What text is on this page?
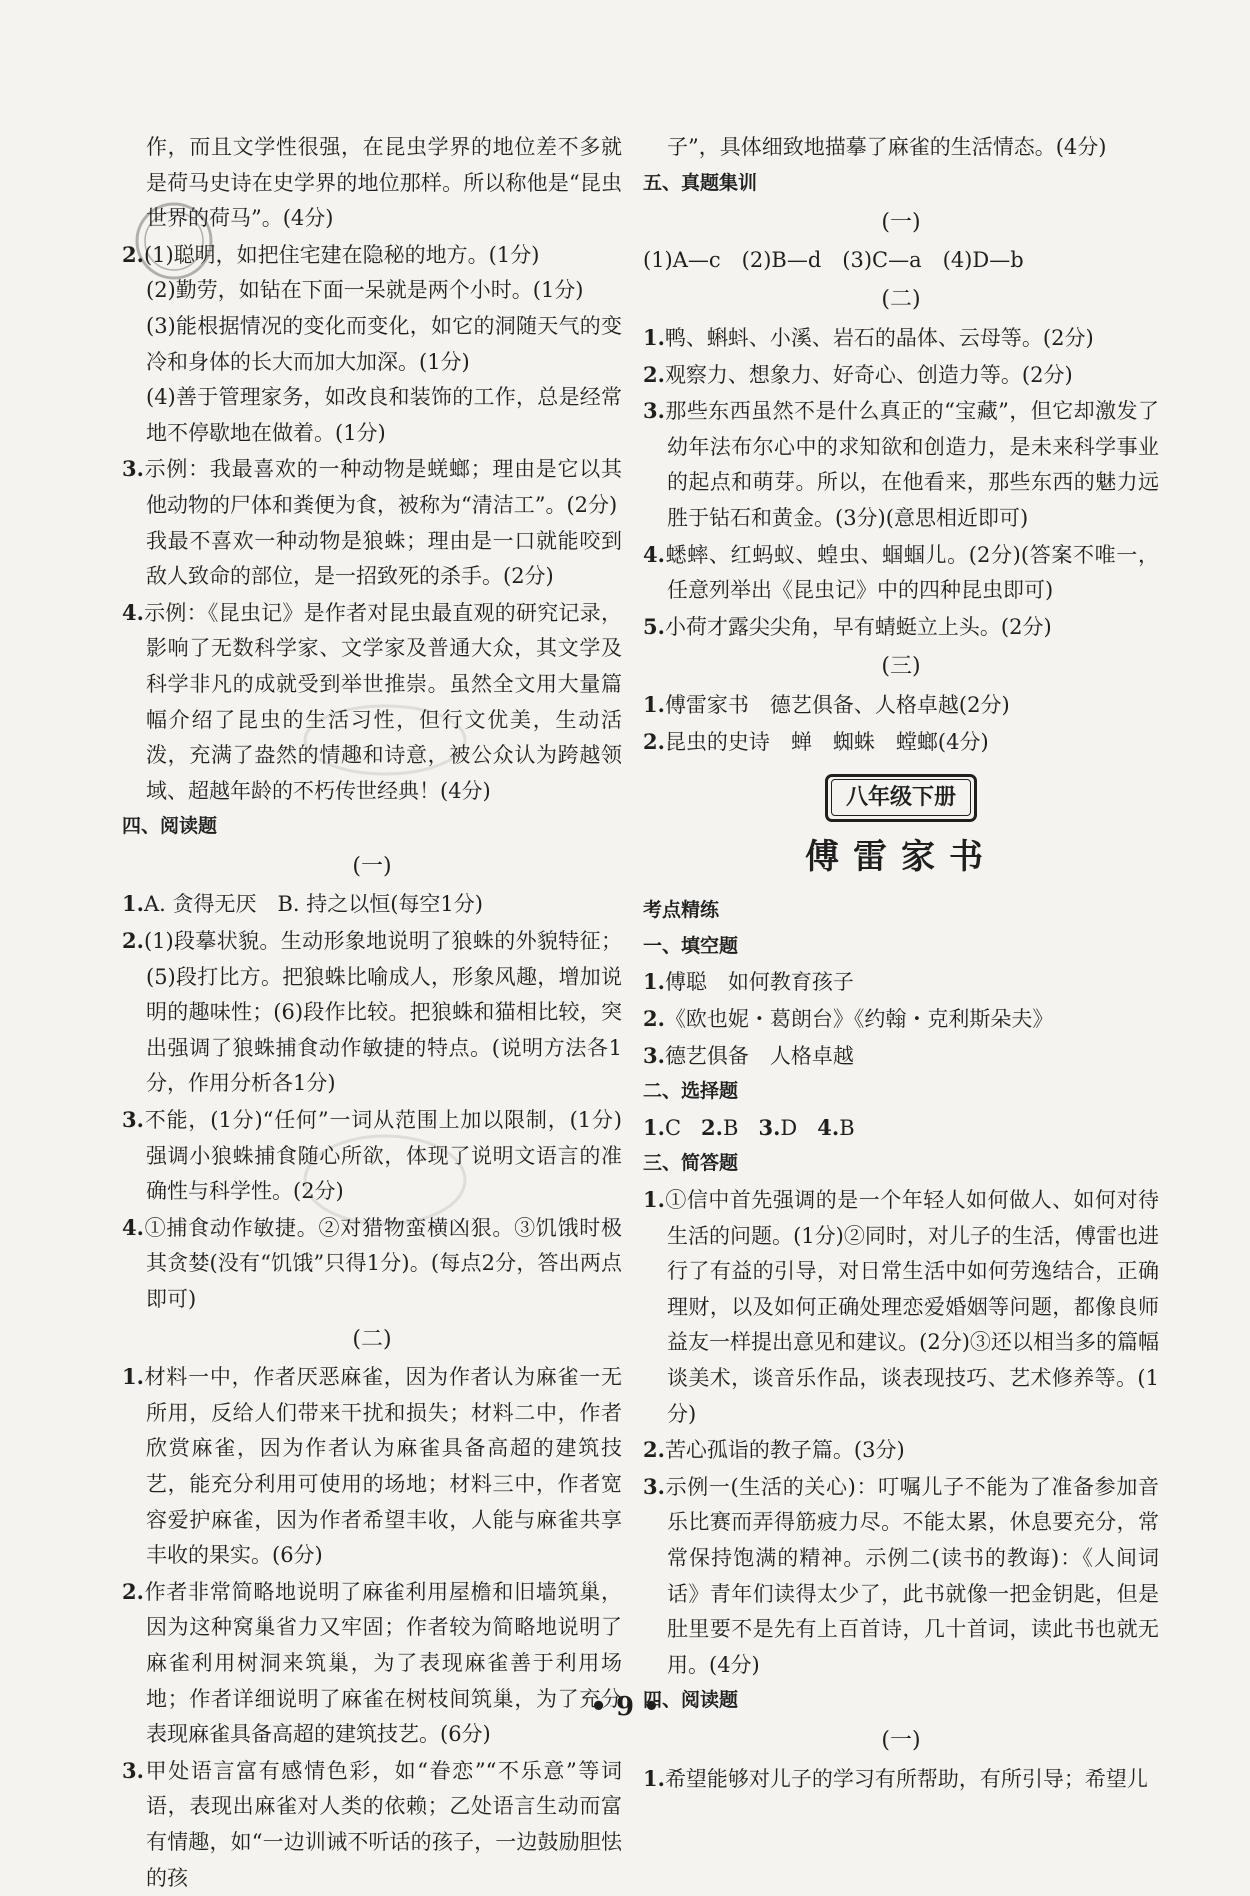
作，而且文学性很强，在昆虫学界的地位差不多就是荷马史诗在史学界的地位那样。所以称他是“昆虫世界的荷马”。(4分)

2.(1)聪明，如把住宅建在隐秘的地方。(1分)

(2)勤劳，如钻在下面一呆就是两个小时。(1分)

(3)能根据情况的变化而变化，如它的洞随天气的变冷和身体的长大而加大加深。(1分)

(4)善于管理家务，如改良和装饰的工作，总是经常地不停歇地在做着。(1分)

3.示例：我最喜欢的一种动物是蜣螂；理由是它以其他动物的尸体和粪便为食，被称为“清洁工”。(2分)

我最不喜欢一种动物是狼蛛；理由是一口就能咬到敌人致命的部位，是一招致死的杀手。(2分)

4.示例：《昆虫记》是作者对昆虫最直观的研究记录，影响了无数科学家、文学家及普通大众，其文学及科学非凡的成就受到举世推崇。虽然全文用大量篇幅介绍了昆虫的生活习性，但行文优美，生动活泼，充满了盎然的情趣和诗意，被公众认为跨越领域、超越年龄的不朽传世经典！(4分)

四、阅读题

(一)

1.A. 贪得无厌　B. 持之以恒(每空1分)

2.(1)段摹状貌。生动形象地说明了狼蛛的外貌特征；(5)段打比方。把狼蛛比喻成人，形象风趣，增加说明的趣味性；(6)段作比较。把狼蛛和猫相比较，突出强调了狼蛛捕食动作敏捷的特点。(说明方法各1分，作用分析各1分)

3.不能，(1分)“任何”一词从范围上加以限制，(1分)强调小狼蛛捕食随心所欲，体现了说明文语言的准确性与科学性。(2分)

4.①捕食动作敏捷。②对猎物蛮横凶狠。③饥饿时极其贪婪(没有“饥饿”只得1分)。(每点2分，答出两点即可)

(二)

1.材料一中，作者厌恶麻雀，因为作者认为麻雀一无所用，反给人们带来干扰和损失；材料二中，作者欣赏麻雀，因为作者认为麻雀具备高超的建筑技艺，能充分利用可使用的场地；材料三中，作者宽容爱护麻雀，因为作者希望丰收，人能与麻雀共享丰收的果实。(6分)

2.作者非常简略地说明了麻雀利用屋檐和旧墙筑巢，因为这种窝巢省力又牢固；作者较为简略地说明了麻雀利用树洞来筑巢，为了表现麻雀善于利用场地；作者详细说明了麻雀在树枝间筑巢，为了充分表现麻雀具备高超的建筑技艺。(6分)

3.甲处语言富有感情色彩，如“眷恋”“不乐意”等词语，表现出麻雀对人类的依赖；乙处语言生动而富有情趣，如“一边训诫不听话的孩子，一边鼓励胆怯的孩

子”，具体细致地描摹了麻雀的生活情态。(4分)

五、真题集训

(一)

(1)A—c　(2)B—d　(3)C—a　(4)D—b

(二)

1.鸭、蝌蚪、小溪、岩石的晶体、云母等。(2分)

2.观察力、想象力、好奇心、创造力等。(2分)

3.那些东西虽然不是什么真正的“宝藏”，但它却激发了幼年法布尔心中的求知欲和创造力，是未来科学事业的起点和萌芽。所以，在他看来，那些东西的魅力远胜于钻石和黄金。(3分)(意思相近即可)

4.蟋蟀、红蚂蚁、蝗虫、蝈蝈儿。(2分)(答案不唯一，任意列举出《昆虫记》中的四种昆虫即可)

5.小荷才露尖尖角，早有蜻蜓立上头。(2分)

(三)

1.傅雷家书　德艺俱备、人格卓越(2分)

2.昆虫的史诗　蝉　蜘蛛　螳螂(4分)

八年级下册

傅雷家书

考点精练

一、填空题

1.傅聪　如何教育孩子

2.《欧也妮・葛朗台》《约翰・克利斯朵夫》

3.德艺俱备　人格卓越

二、选择题

1.C 2.B 3.D 4.B

三、简答题

1.①信中首先强调的是一个年轻人如何做人、如何对待生活的问题。(1分)②同时，对儿子的生活，傅雷也进行了有益的引导，对日常生活中如何劳逸结合，正确理财，以及如何正确处理恋爱婚姻等问题，都像良师益友一样提出意见和建议。(2分)③还以相当多的篇幅谈美术，谈音乐作品，谈表现技巧、艺术修养等。(1分)

2.苦心孤诣的教子篇。(3分)

3.示例一(生活的关心)：叮嘱儿子不能为了准备参加音乐比赛而弄得筋疲力尽。不能太累，休息要充分，常常保持饱满的精神。示例二(读书的教诲)：《人间词话》青年们读得太少了，此书就像一把金钥匙，但是肚里要不是先有上百首诗，几十首词，读此书也就无用。(4分)

四、阅读题

(一)

1.希望能够对儿子的学习有所帮助，有所引导；希望儿

• 9 •
